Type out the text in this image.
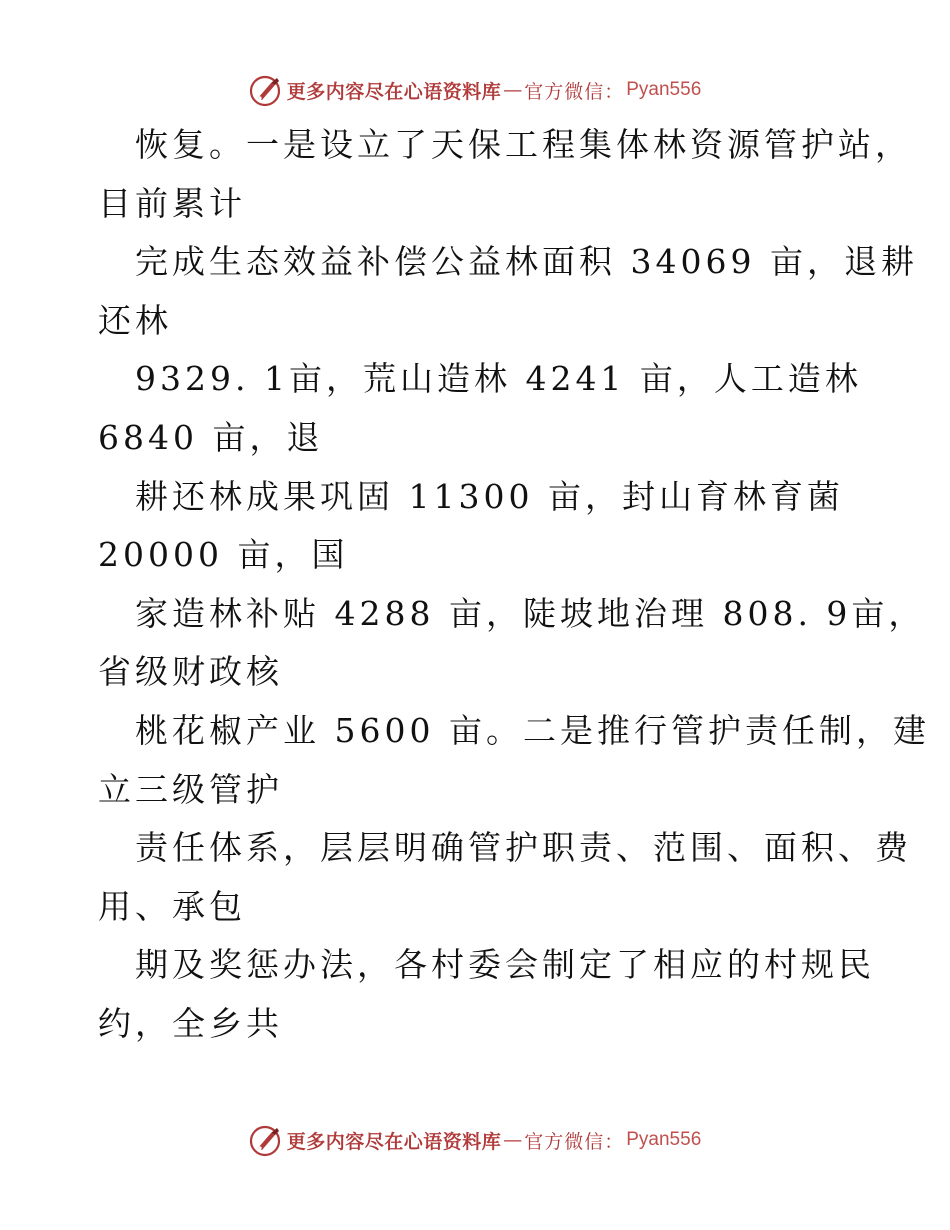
更多内容尽在心语资料库 — 官方微信： Pyan556
恢复。一是设立了天保工程集体林资源管护站，
目前累计
完成生态效益补偿公益林面积 34069 亩，退耕
还林
9329. 1亩，荒山造林 4241 亩，人工造林
6840 亩，退
耕还林成果巩固 11300 亩，封山育林育菌
20000 亩，国
家造林补贴 4288 亩，陡坡地治理 808. 9亩，
省级财政核
桃花椒产业 5600 亩。二是推行管护责任制，建
立三级管护
责任体系，层层明确管护职责、范围、面积、费
用、承包
期及奖惩办法，各村委会制定了相应的村规民
约，全乡共
更多内容尽在心语资料库 — 官方微信： Pyan556
